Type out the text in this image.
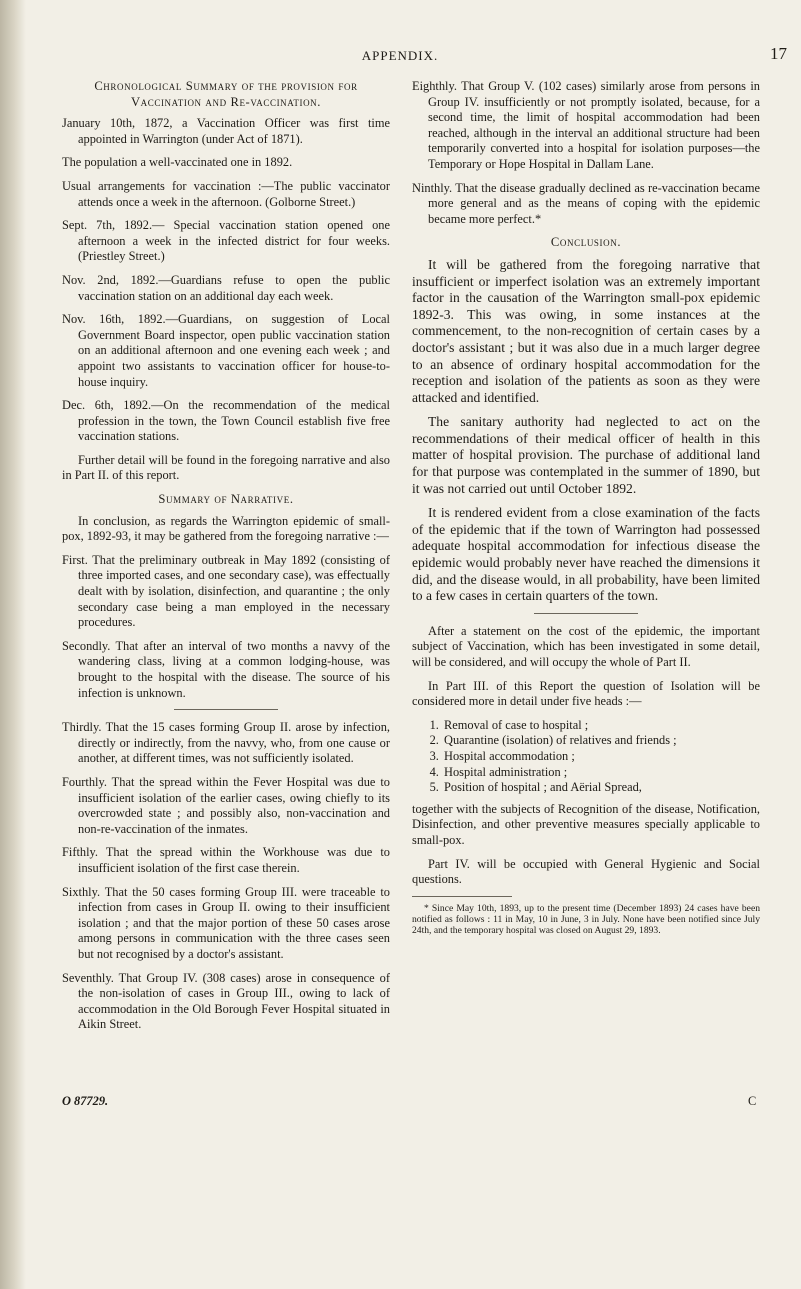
APPENDIX.	17
Chronological Summary of the provision for Vaccination and Re-vaccination.

January 10th, 1872, a Vaccination Officer was first time appointed in Warrington (under Act of 1871).

The population a well-vaccinated one in 1892.

Usual arrangements for vaccination :—The public vaccinator attends once a week in the afternoon. (Golborne Street.)

Sept. 7th, 1892.— Special vaccination station opened one afternoon a week in the infected district for four weeks. (Priestley Street.)

Nov. 2nd, 1892.—Guardians refuse to open the public vaccination station on an additional day each week.

Nov. 16th, 1892.—Guardians, on suggestion of Local Government Board inspector, open public vaccination station on an additional afternoon and one evening each week ; and appoint two assistants to vaccination officer for house-to-house inquiry.

Dec. 6th, 1892.—On the recommendation of the medical profession in the town, the Town Council establish five free vaccination stations.

Further detail will be found in the foregoing narrative and also in Part II. of this report.

Summary of Narrative.

In conclusion, as regards the Warrington epidemic of small-pox, 1892-93, it may be gathered from the foregoing narrative :—

First. That the preliminary outbreak in May 1892 (consisting of three imported cases, and one secondary case), was effectually dealt with by isolation, disinfection, and quarantine ; the only secondary case being a man employed in the necessary procedures.

Secondly. That after an interval of two months a navvy of the wandering class, living at a common lodging-house, was brought to the hospital with the disease. The source of his infection is unknown.

Thirdly. That the 15 cases forming Group II. arose by infection, directly or indirectly, from the navvy, who, from one cause or another, at different times, was not sufficiently isolated.

Fourthly. That the spread within the Fever Hospital was due to insufficient isolation of the earlier cases, owing chiefly to its overcrowded state ; and possibly also, non-vaccination and non-re-vaccination of the inmates.

Fifthly. That the spread within the Workhouse was due to insufficient isolation of the first case therein.

Sixthly. That the 50 cases forming Group III. were traceable to infection from cases in Group II. owing to their insufficient isolation ; and that the major portion of these 50 cases arose among persons in communication with the three cases seen but not recognised by a doctor's assistant.

Seventhly. That Group IV. (308 cases) arose in consequence of the non-isolation of cases in Group III., owing to lack of accommodation in the Old Borough Fever Hospital situated in Aikin Street.

Eighthly. That Group V. (102 cases) similarly arose from persons in Group IV. insufficiently or not promptly isolated, because, for a second time, the limit of hospital accommodation had been reached, although in the interval an additional structure had been temporarily converted into a hospital for isolation purposes—the Temporary or Hope Hospital in Dallam Lane.

Ninthly. That the disease gradually declined as re-vaccination became more general and as the means of coping with the epidemic became more perfect.*

Conclusion.

It will be gathered from the foregoing narrative that insufficient or imperfect isolation was an extremely important factor in the causation of the Warrington small-pox epidemic 1892-3. This was owing, in some instances at the commencement, to the non-recognition of certain cases by a doctor's assistant ; but it was also due in a much larger degree to an absence of ordinary hospital accommodation for the reception and isolation of the patients as soon as they were attacked and identified.

The sanitary authority had neglected to act on the recommendations of their medical officer of health in this matter of hospital provision. The purchase of additional land for that purpose was contemplated in the summer of 1890, but it was not carried out until October 1892.

It is rendered evident from a close examination of the facts of the epidemic that if the town of Warrington had possessed adequate hospital accommodation for infectious disease the epidemic would probably never have reached the dimensions it did, and the disease would, in all probability, have been limited to a few cases in certain quarters of the town.

After a statement on the cost of the epidemic, the important subject of Vaccination, which has been investigated in some detail, will be considered, and will occupy the whole of Part II.

In Part III. of this Report the question of Isolation will be considered more in detail under five heads :—

1. Removal of case to hospital ;
2. Quarantine (isolation) of relatives and friends ;
3. Hospital accommodation ;
4. Hospital administration ;
5. Position of hospital ; and Aërial Spread,

together with the subjects of Recognition of the disease, Notification, Disinfection, and other preventive measures specially applicable to small-pox.

Part IV. will be occupied with General Hygienic and Social questions.

* Since May 10th, 1893, up to the present time (December 1893) 24 cases have been notified as follows : 11 in May, 10 in June, 3 in July. None have been notified since July 24th, and the temporary hospital was closed on August 29, 1893.

O 87729.	C
